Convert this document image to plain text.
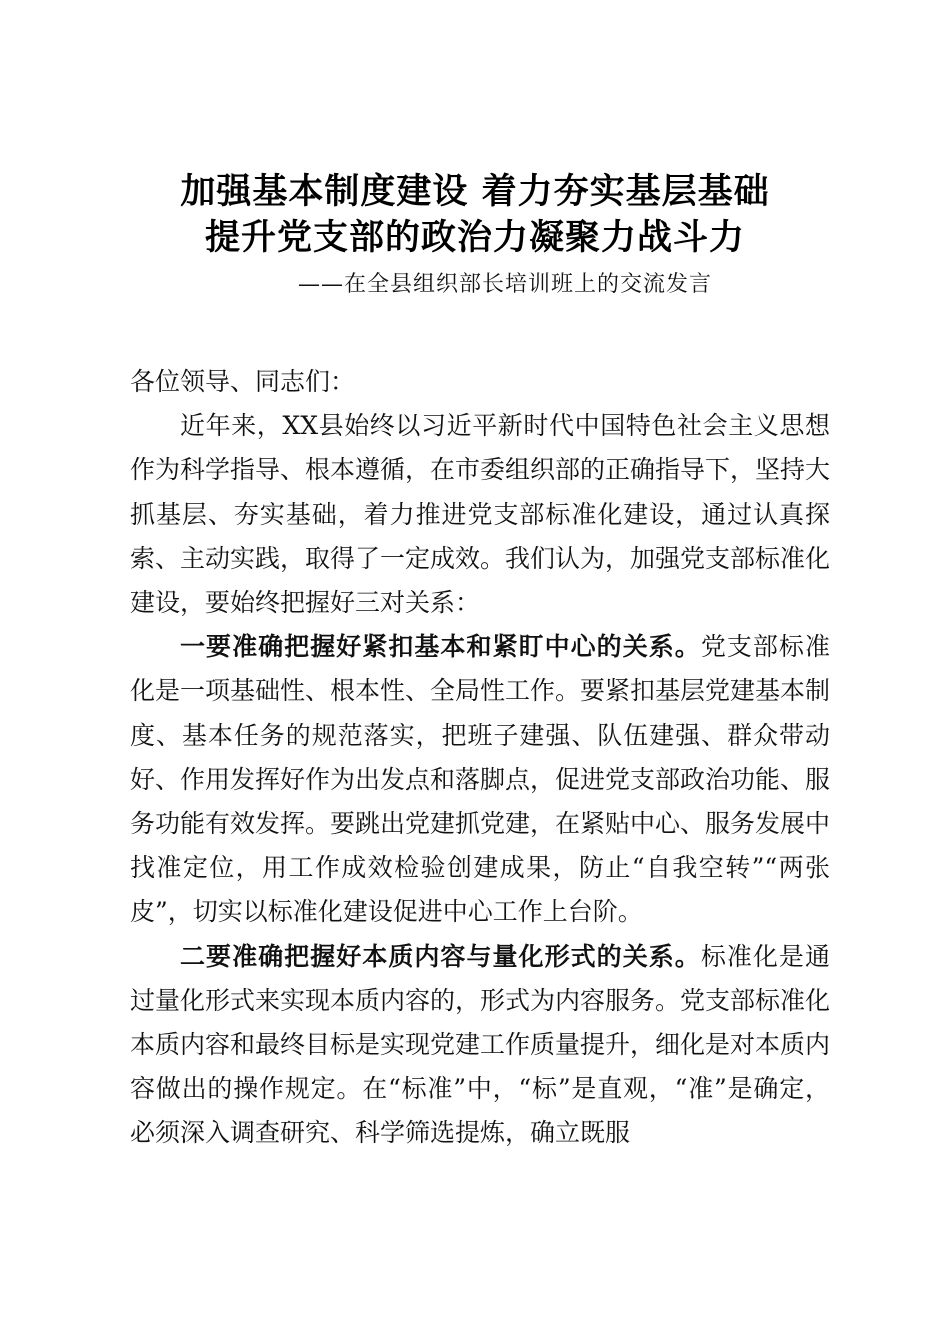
加强基本制度建设 着力夯实基层基础
提升党支部的政治力凝聚力战斗力
——在全县组织部长培训班上的交流发言

各位领导、同志们：

近年来，XX县始终以习近平新时代中国特色社会主义思想作为科学指导、根本遵循，在市委组织部的正确指导下，坚持大抓基层、夯实基础，着力推进党支部标准化建设，通过认真探索、主动实践，取得了一定成效。我们认为，加强党支部标准化建设，要始终把握好三对关系：

一要准确把握好紧扣基本和紧盯中心的关系。党支部标准化是一项基础性、根本性、全局性工作。要紧扣基层党建基本制度、基本任务的规范落实，把班子建强、队伍建强、群众带动好、作用发挥好作为出发点和落脚点，促进党支部政治功能、服务功能有效发挥。要跳出党建抓党建，在紧贴中心、服务发展中找准定位，用工作成效检验创建成果，防止“自我空转”“两张皮”，切实以标准化建设促进中心工作上台阶。

二要准确把握好本质内容与量化形式的关系。标准化是通过量化形式来实现本质内容的，形式为内容服务。党支部标准化本质内容和最终目标是实现党建工作质量提升，细化是对本质内容做出的操作规定。在“标准”中，“标”是直观，“准”是确定，必须深入调查研究、科学筛选提炼，确立既服
